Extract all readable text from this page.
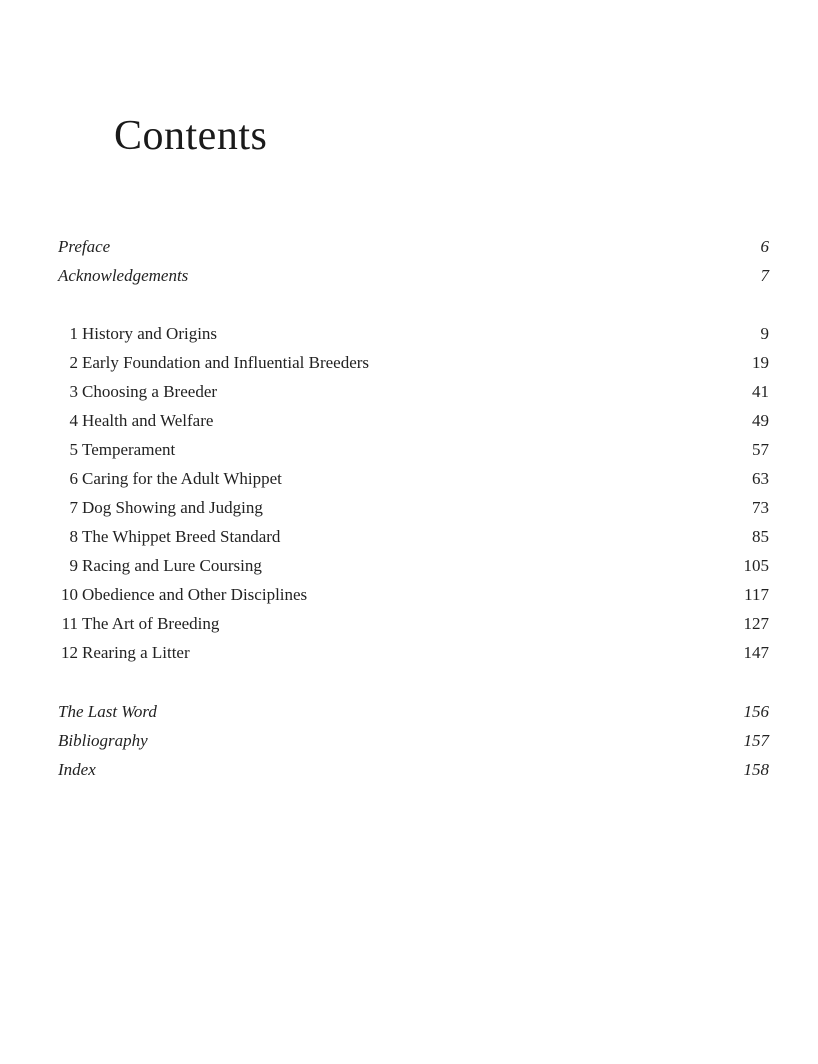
Contents
Preface	6
Acknowledgements	7
1 History and Origins	9
2 Early Foundation and Influential Breeders	19
3 Choosing a Breeder	41
4 Health and Welfare	49
5 Temperament	57
6 Caring for the Adult Whippet	63
7 Dog Showing and Judging	73
8 The Whippet Breed Standard	85
9 Racing and Lure Coursing	105
10 Obedience and Other Disciplines	117
11 The Art of Breeding	127
12 Rearing a Litter	147
The Last Word	156
Bibliography	157
Index	158
